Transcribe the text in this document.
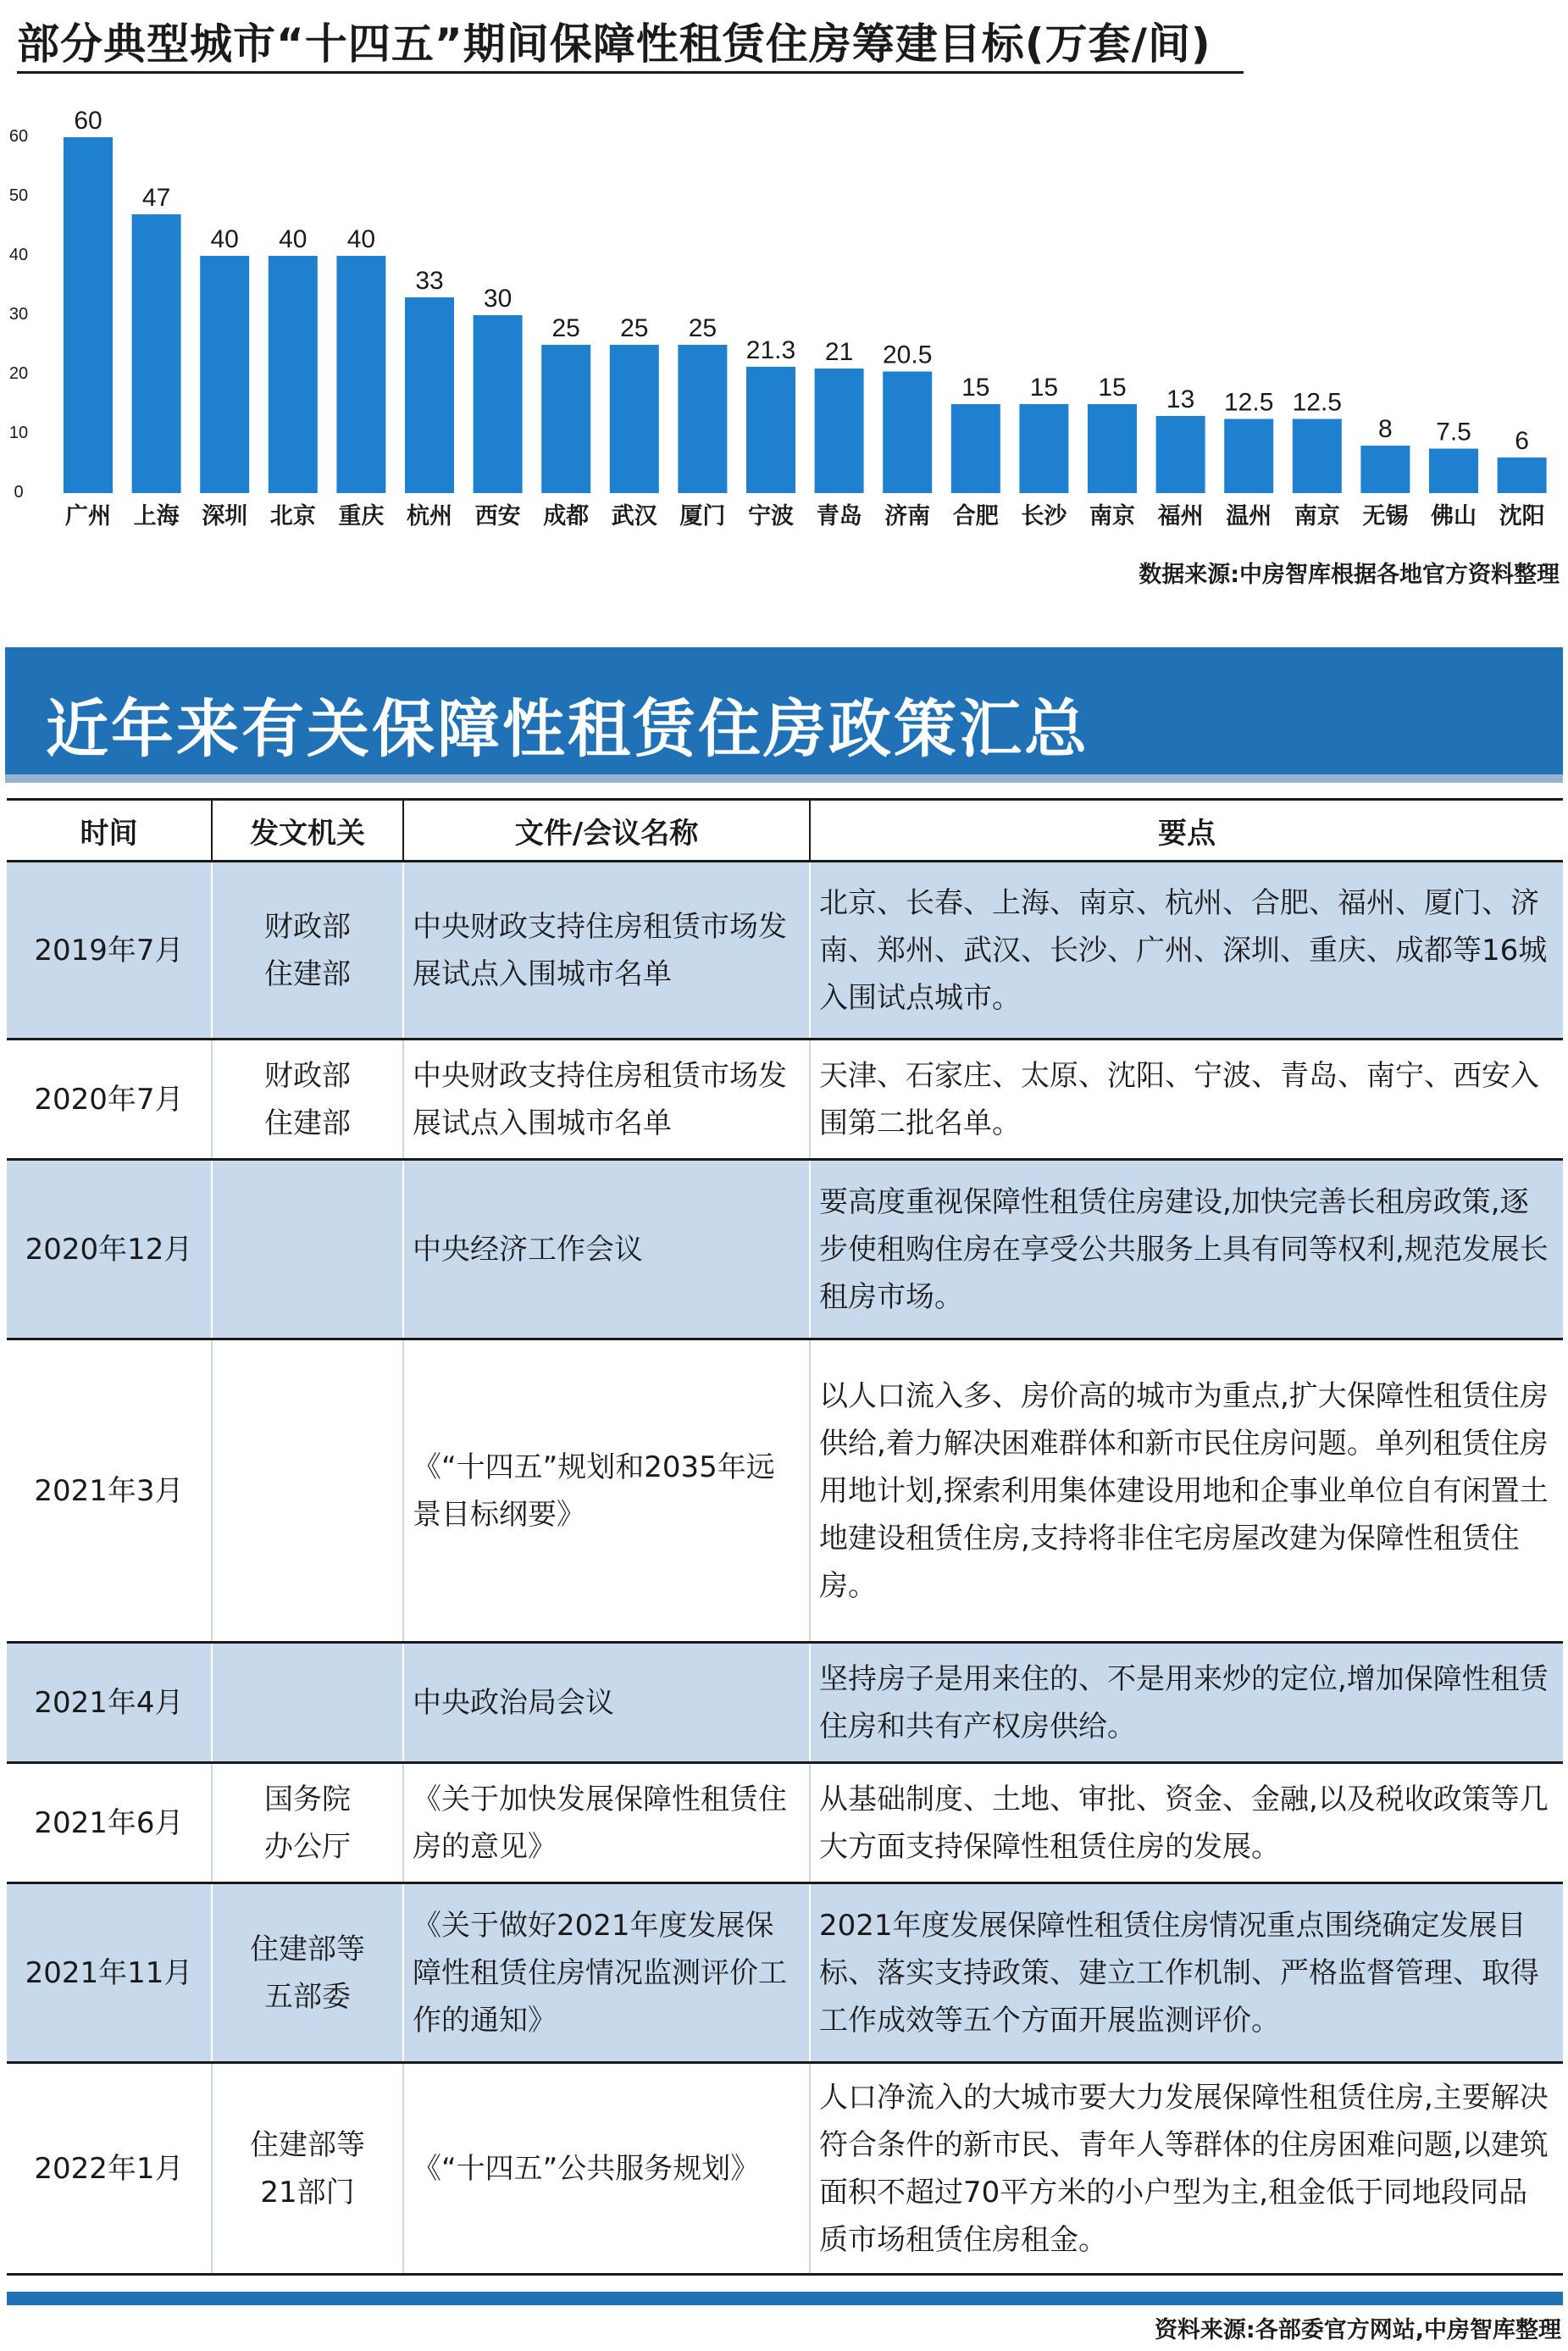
部分典型城市“十四五”期间保障性租赁住房筹建目标(万套/间)
0
10
20
30
40
50
60
60
47
40 40 40
33
30
25 25 25
21.3 21 20.5
15 15 15 13 12.5 12.5
8 7.5 6
广州 上海 深圳 北京 重庆 杭州 西安 成都 武汉 厦门 宁波 青岛 济南 合肥 长沙 南京 福州 温州 南京 无锡 佛山 沈阳
数据来源:中房智库根据各地官方资料整理
近年来有关保障性租赁住房政策汇总
时间	发文机关	文件/会议名称	要点
2019年7月	财政部
住建部	中央财政支持住房租赁市场发展试点入围城市名单	北京、长春、上海、南京、杭州、合肥、福州、厦门、济南、郑州、武汉、长沙、广州、深圳、重庆、成都等16城入围试点城市。
2020年7月	财政部
住建部	中央财政支持住房租赁市场发展试点入围城市名单	天津、石家庄、太原、沈阳、宁波、青岛、南宁、西安入围第二批名单。
2020年12月		中央经济工作会议	要高度重视保障性租赁住房建设,加快完善长租房政策,逐步使租购住房在享受公共服务上具有同等权利,规范发展长租房市场。
2021年3月		《“十四五”规划和2035年远景目标纲要》	以人口流入多、房价高的城市为重点,扩大保障性租赁住房供给,着力解决困难群体和新市民住房问题。单列租赁住房用地计划,探索利用集体建设用地和企事业单位自有闲置土地建设租赁住房,支持将非住宅房屋改建为保障性租赁住房。
2021年4月		中央政治局会议	坚持房子是用来住的、不是用来炒的定位,增加保障性租赁住房和共有产权房供给。
2021年6月	国务院
办公厅	《关于加快发展保障性租赁住房的意见》	从基础制度、土地、审批、资金、金融,以及税收政策等几大方面支持保障性租赁住房的发展。
2021年11月	住建部等
五部委	《关于做好2021年度发展保障性租赁住房情况监测评价工作的通知》	2021年度发展保障性租赁住房情况重点围绕确定发展目标、落实支持政策、建立工作机制、严格监督管理、取得工作成效等五个方面开展监测评价。
2022年1月	住建部等
21部门	《“十四五”公共服务规划》	人口净流入的大城市要大力发展保障性租赁住房,主要解决符合条件的新市民、青年人等群体的住房困难问题,以建筑面积不超过70平方米的小户型为主,租金低于同地段同品质市场租赁住房租金。
资料来源:各部委官方网站,中房智库整理
